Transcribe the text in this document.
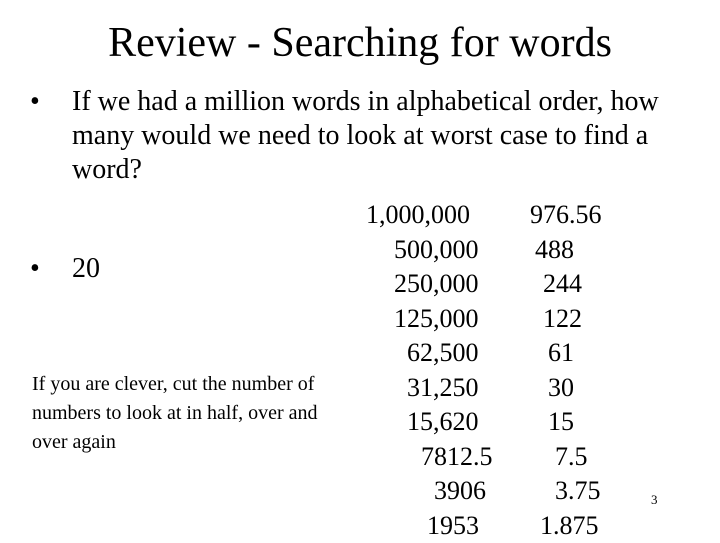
Review - Searching for words
•	If we had a million words in alphabetical order, how many would we need to look at worst case to find a word?
•	20
If you are clever, cut the number of numbers to look at in half, over and over again
1,000,000
500,000
250,000
125,000
62,500
31,250
15,620
7812.5
3906
1953
976.56
488
244
122
61
30
15
7.5
3.75
1.875
3
